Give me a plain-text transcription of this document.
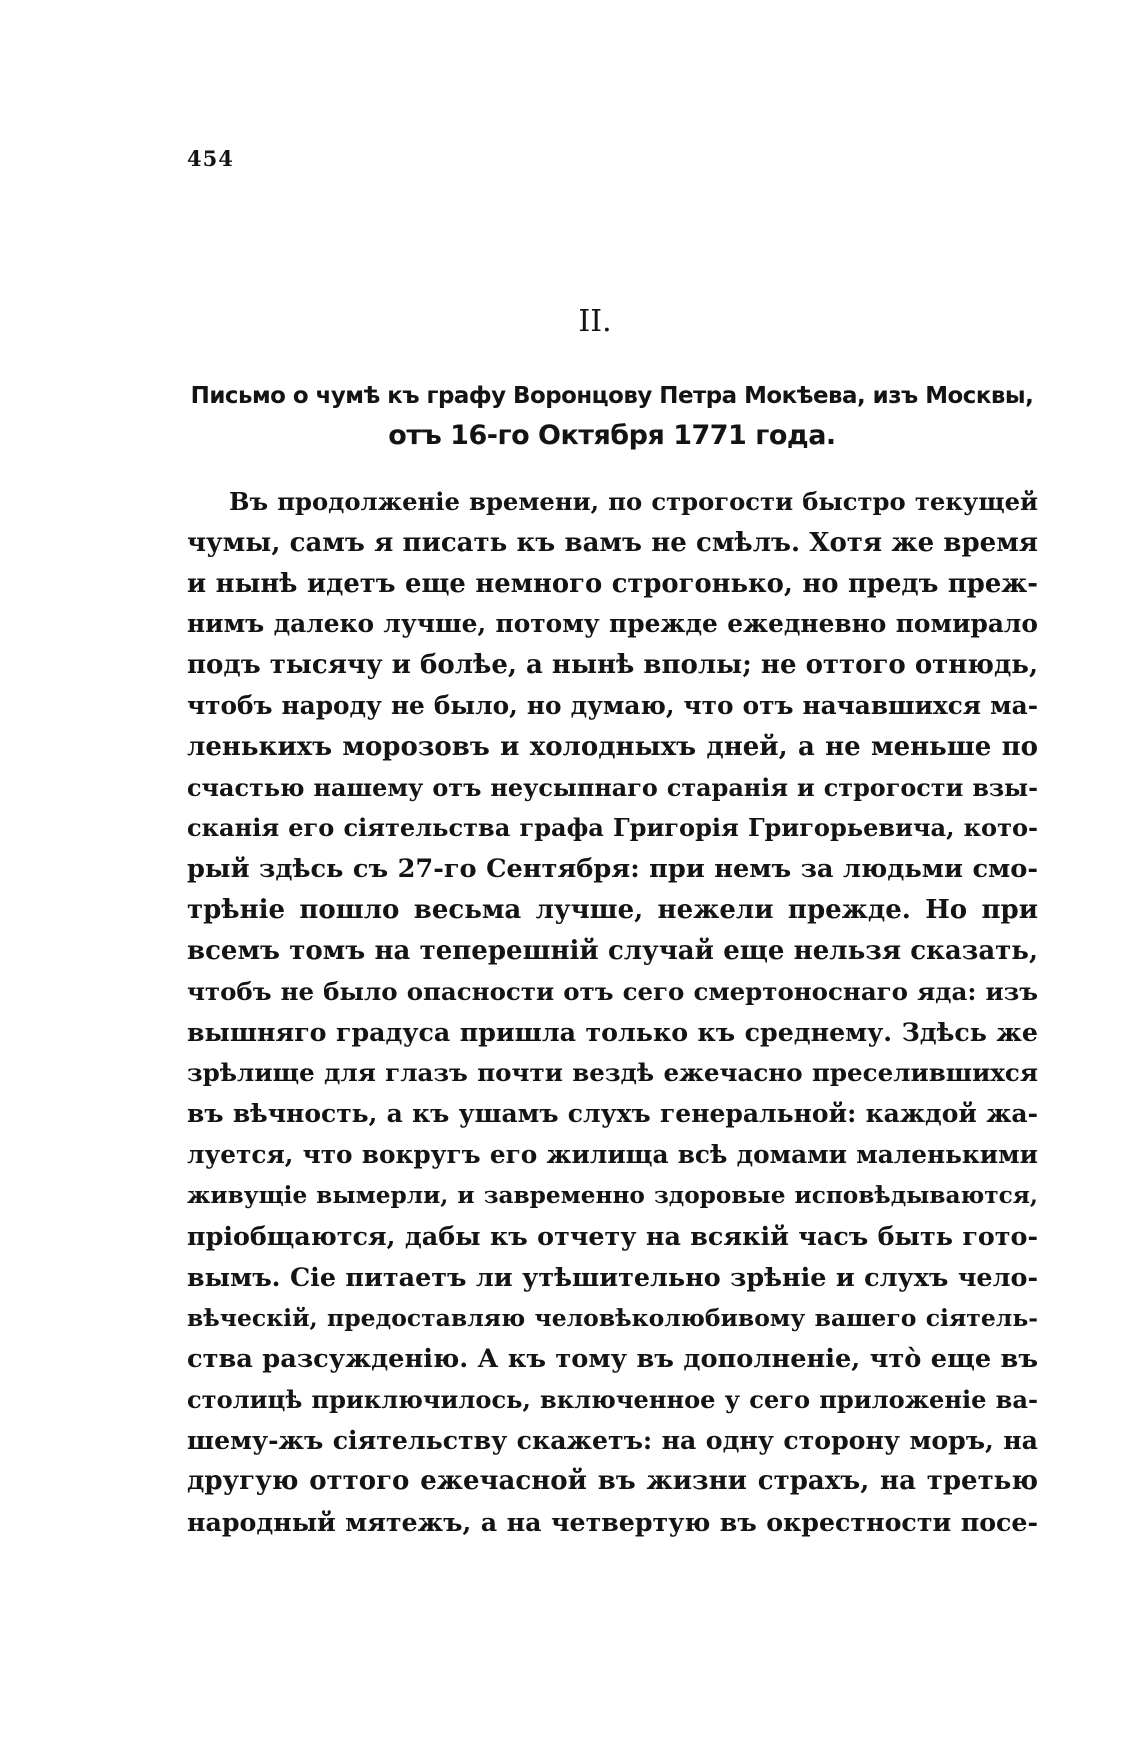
454
II.
Письмо о чумѣ къ графу Воронцову Петра Мокѣева, изъ Москвы,
отъ 16-го Октября 1771 года.
Въ продолженіе времени, по строгости быстро текущей
чумы, самъ я писать къ вамъ не смѣлъ. Хотя же время
и нынѣ идетъ еще немного строгонько, но предъ преж-
нимъ далеко лучше, потому прежде ежедневно помирало
подъ тысячу и болѣе, а нынѣ вполы; не оттого отнюдь,
чтобъ народу не было, но думаю, что отъ начавшихся ма-
ленькихъ морозовъ и холодныхъ дней, а не меньше по
счастью нашему отъ неусыпнаго старанія и строгости взы-
сканія его сіятельства графа Григорія Григорьевича, кото-
рый здѣсь съ 27-го Сентября: при немъ за людьми смо-
трѣніе пошло весьма лучше, нежели прежде. Но при
всемъ томъ на теперешній случай еще нельзя сказать,
чтобъ не было опасности отъ сего смертоноснаго яда: изъ
вышняго градуса пришла только къ среднему. Здѣсь же
зрѣлище для глазъ почти вездѣ ежечасно преселившихся
въ вѣчность, а къ ушамъ слухъ генеральной: каждой жа-
луется, что вокругъ его жилища всѣ домами маленькими
живущіе вымерли, и завременно здоровые исповѣдываются,
пріобщаются, дабы къ отчету на всякій часъ быть гото-
вымъ. Сіе питаетъ ли утѣшительно зрѣніе и слухъ чело-
вѣческій, предоставляю человѣколюбивому вашего сіятель-
ства разсужденію. А къ тому въ дополненіе, что̀ еще въ
столицѣ приключилось, включенное у сего приложеніе ва-
шему-жъ сіятельству скажетъ: на одну сторону моръ, на
другую оттого ежечасной въ жизни страхъ, на третью
народный мятежъ, а на четвертую въ окрестности посе-
